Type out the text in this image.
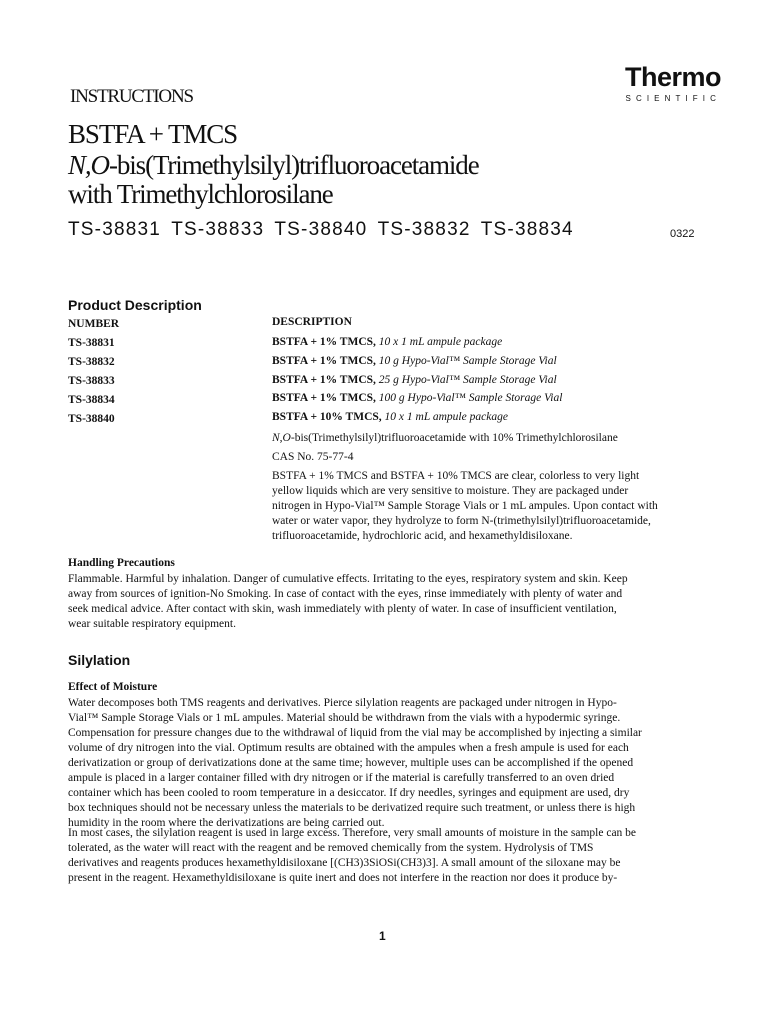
INSTRUCTIONS
Thermo
SCIENTIFIC
BSTFA + TMCS
N,O-bis(Trimethylsilyl)trifluoroacetamide
with Trimethylchlorosilane
TS-38831 TS-38833 TS-38840 TS-38832 TS-38834	0322
Product Description
NUMBER	DESCRIPTION
TS-38831	BSTFA + 1% TMCS, 10 x 1 mL ampule package
TS-38832	BSTFA + 1% TMCS, 10 g Hypo-Vial™ Sample Storage Vial
TS-38833	BSTFA + 1% TMCS, 25 g Hypo-Vial™ Sample Storage Vial
TS-38834	BSTFA + 1% TMCS, 100 g Hypo-Vial™ Sample Storage Vial
TS-38840	BSTFA + 10% TMCS, 10 x 1 mL ampule package
N,O-bis(Trimethylsilyl)trifluoroacetamide with 10% Trimethylchlorosilane
CAS No. 75-77-4
BSTFA + 1% TMCS and BSTFA + 10% TMCS are clear, colorless to very light
yellow liquids which are very sensitive to moisture. They are packaged under
nitrogen in Hypo-Vial™ Sample Storage Vials or 1 mL ampules. Upon contact with
water or water vapor, they hydrolyze to form N-(trimethylsilyl)trifluoroacetamide,
trifluoroacetamide, hydrochloric acid, and hexamethyldisiloxane.
Handling Precautions
Flammable. Harmful by inhalation. Danger of cumulative effects. Irritating to the eyes, respiratory system and skin. Keep
away from sources of ignition-No Smoking. In case of contact with the eyes, rinse immediately with plenty of water and
seek medical advice. After contact with skin, wash immediately with plenty of water. In case of insufficient ventilation,
wear suitable respiratory equipment.
Silylation
Effect of Moisture
Water decomposes both TMS reagents and derivatives. Pierce silylation reagents are packaged under nitrogen in Hypo-
Vial™ Sample Storage Vials or 1 mL ampules. Material should be withdrawn from the vials with a hypodermic syringe.
Compensation for pressure changes due to the withdrawal of liquid from the vial may be accomplished by injecting a similar
volume of dry nitrogen into the vial. Optimum results are obtained with the ampules when a fresh ampule is used for each
derivatization or group of derivatizations done at the same time; however, multiple uses can be accomplished if the opened
ampule is placed in a larger container filled with dry nitrogen or if the material is carefully transferred to an oven dried
container which has been cooled to room temperature in a desiccator. If dry needles, syringes and equipment are used, dry
box techniques should not be necessary unless the materials to be derivatized require such treatment, or unless there is high
humidity in the room where the derivatizations are being carried out.
In most cases, the silylation reagent is used in large excess. Therefore, very small amounts of moisture in the sample can be
tolerated, as the water will react with the reagent and be removed chemically from the system. Hydrolysis of TMS
derivatives and reagents produces hexamethyldisiloxane [(CH3)3SiOSi(CH3)3]. A small amount of the siloxane may be
present in the reagent. Hexamethyldisiloxane is quite inert and does not interfere in the reaction nor does it produce by-
1
